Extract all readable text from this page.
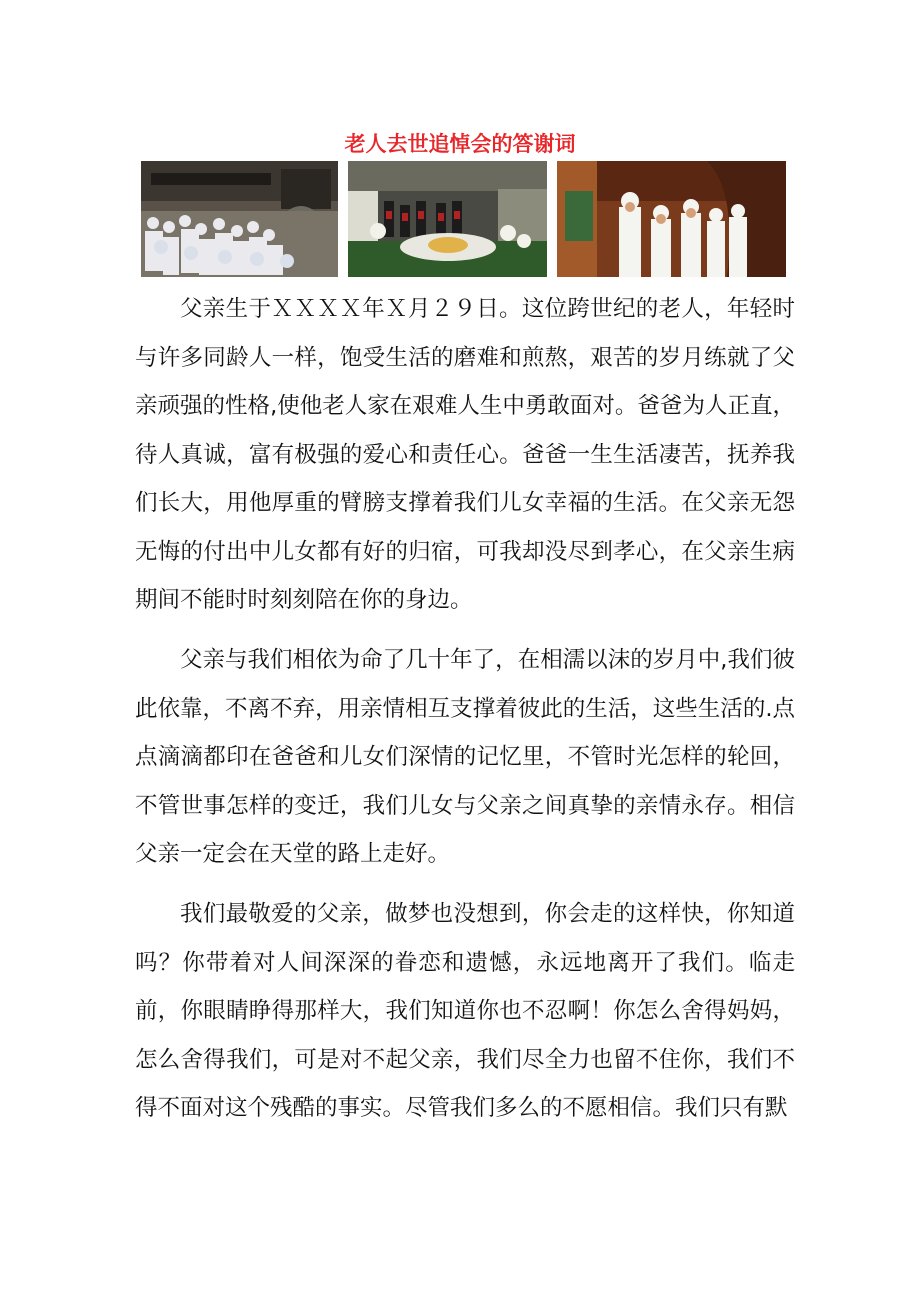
老人去世追悼会的答谢词

父亲生于ＸＸＸＸ年Ｘ月２９日。这位跨世纪的老人，年轻时与许多同龄人一样，饱受生活的磨难和煎熬，艰苦的岁月练就了父亲顽强的性格,使他老人家在艰难人生中勇敢面对。爸爸为人正直，待人真诚，富有极强的爱心和责任心。爸爸一生生活凄苦，抚养我们长大，用他厚重的臂膀支撑着我们儿女幸福的生活。在父亲无怨无悔的付出中儿女都有好的归宿，可我却没尽到孝心，在父亲生病期间不能时时刻刻陪在你的身边。

父亲与我们相依为命了几十年了，在相濡以沫的岁月中,我们彼此依靠，不离不弃，用亲情相互支撑着彼此的生活，这些生活的.点点滴滴都印在爸爸和儿女们深情的记忆里，不管时光怎样的轮回，不管世事怎样的变迁，我们儿女与父亲之间真挚的亲情永存。相信父亲一定会在天堂的路上走好。

我们最敬爱的父亲，做梦也没想到，你会走的这样快，你知道吗？你带着对人间深深的眷恋和遗憾，永远地离开了我们。临走前，你眼睛睁得那样大，我们知道你也不忍啊！你怎么舍得妈妈，怎么舍得我们，可是对不起父亲，我们尽全力也留不住你，我们不得不面对这个残酷的事实。尽管我们多么的不愿相信。我们只有默
